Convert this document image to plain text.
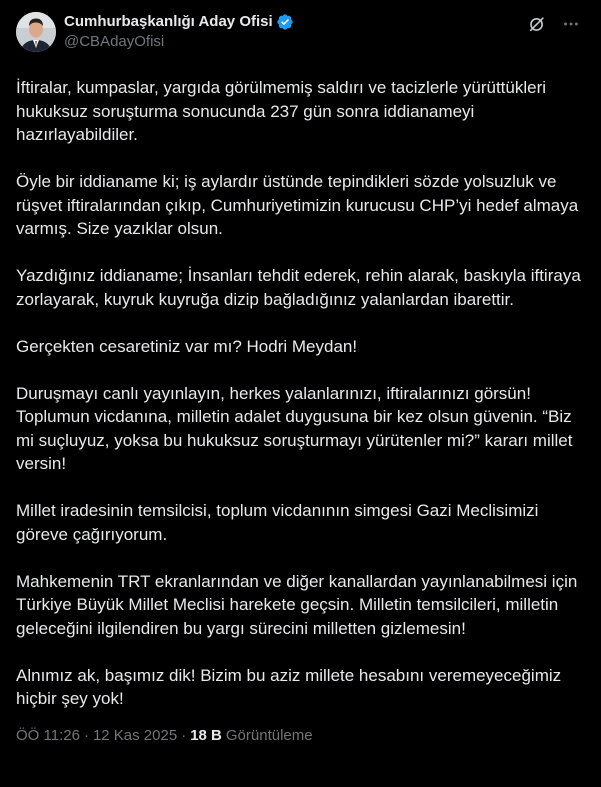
Cumhurbaşkanlığı Aday Ofisi
@CBAdayOfisi

İftiralar, kumpaslar, yargıda görülmemiş saldırı ve tacizlerle yürüttükleri hukuksuz soruşturma sonucunda 237 gün sonra iddianameyi hazırlayabildiler.

Öyle bir iddianame ki; iş aylardır üstünde tepindikleri sözde yolsuzluk ve rüşvet iftiralarından çıkıp, Cumhuriyetimizin kurucusu CHP’yi hedef almaya varmış. Size yazıklar olsun.

Yazdığınız iddianame; İnsanları tehdit ederek, rehin alarak, baskıyla iftiraya zorlayarak, kuyruk kuyruğa dizip bağladığınız yalanlardan ibarettir.

Gerçekten cesaretiniz var mı? Hodri Meydan!

Duruşmayı canlı yayınlayın, herkes yalanlarınızı, iftiralarınızı görsün! Toplumun vicdanına, milletin adalet duygusuna bir kez olsun güvenin. “Biz mi suçluyuz, yoksa bu hukuksuz soruşturmayı yürütenler mi?” kararı millet versin!

Millet iradesinin temsilcisi, toplum vicdanının simgesi Gazi Meclisimizi göreve çağırıyorum.

Mahkemenin TRT ekranlarından ve diğer kanallardan yayınlanabilmesi için Türkiye Büyük Millet Meclisi harekete geçsin. Milletin temsilcileri, milletin geleceğini ilgilendiren bu yargı sürecini milletten gizlemesin!

Alnımız ak, başımız dik! Bizim bu aziz millete hesabını veremeyeceğimiz hiçbir şey yok!

ÖÖ 11:26 · 12 Kas 2025 · 18 B Görüntüleme
